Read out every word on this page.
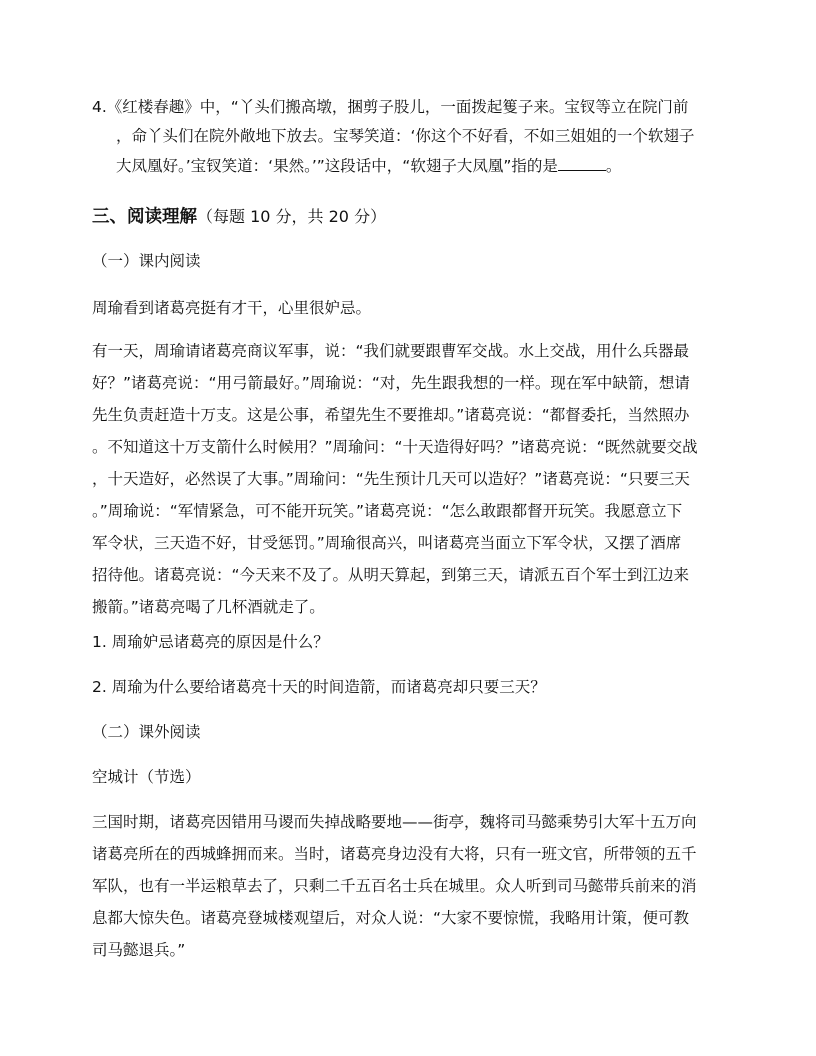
4.《红楼春趣》中，“丫头们搬高墩，捆剪子股儿，一面拨起篗子来。宝钗等立在院门前
，命丫头们在院外敞地下放去。宝琴笑道：‘你这个不好看，不如三姐姐的一个软翅子
大凤凰好。’宝钗笑道：‘果然。’”这段话中，“软翅子大凤凰”指的是	。
三、阅读理解（每题 10 分，共 20 分）
（一）课内阅读
周瑜看到诸葛亮挺有才干，心里很妒忌。
有一天，周瑜请诸葛亮商议军事，说：“我们就要跟曹军交战。水上交战，用什么兵器最
好？”诸葛亮说：“用弓箭最好。”周瑜说：“对，先生跟我想的一样。现在军中缺箭，想请
先生负责赶造十万支。这是公事，希望先生不要推却。”诸葛亮说：“都督委托，当然照办
。不知道这十万支箭什么时候用？”周瑜问：“十天造得好吗？”诸葛亮说：“既然就要交战
，十天造好，必然误了大事。”周瑜问：“先生预计几天可以造好？”诸葛亮说：“只要三天
。”周瑜说：“军情紧急，可不能开玩笑。”诸葛亮说：“怎么敢跟都督开玩笑。我愿意立下
军令状，三天造不好，甘受惩罚。”周瑜很高兴，叫诸葛亮当面立下军令状，又摆了酒席
招待他。诸葛亮说：“今天来不及了。从明天算起，到第三天，请派五百个军士到江边来
搬箭。”诸葛亮喝了几杯酒就走了。
1. 周瑜妒忌诸葛亮的原因是什么？
2. 周瑜为什么要给诸葛亮十天的时间造箭，而诸葛亮却只要三天？
（二）课外阅读
空城计（节选）
三国时期，诸葛亮因错用马谡而失掉战略要地——街亭，魏将司马懿乘势引大军十五万向
诸葛亮所在的西城蜂拥而来。当时，诸葛亮身边没有大将，只有一班文官，所带领的五千
军队，也有一半运粮草去了，只剩二千五百名士兵在城里。众人听到司马懿带兵前来的消
息都大惊失色。诸葛亮登城楼观望后，对众人说：“大家不要惊慌，我略用计策，便可教
司马懿退兵。”
